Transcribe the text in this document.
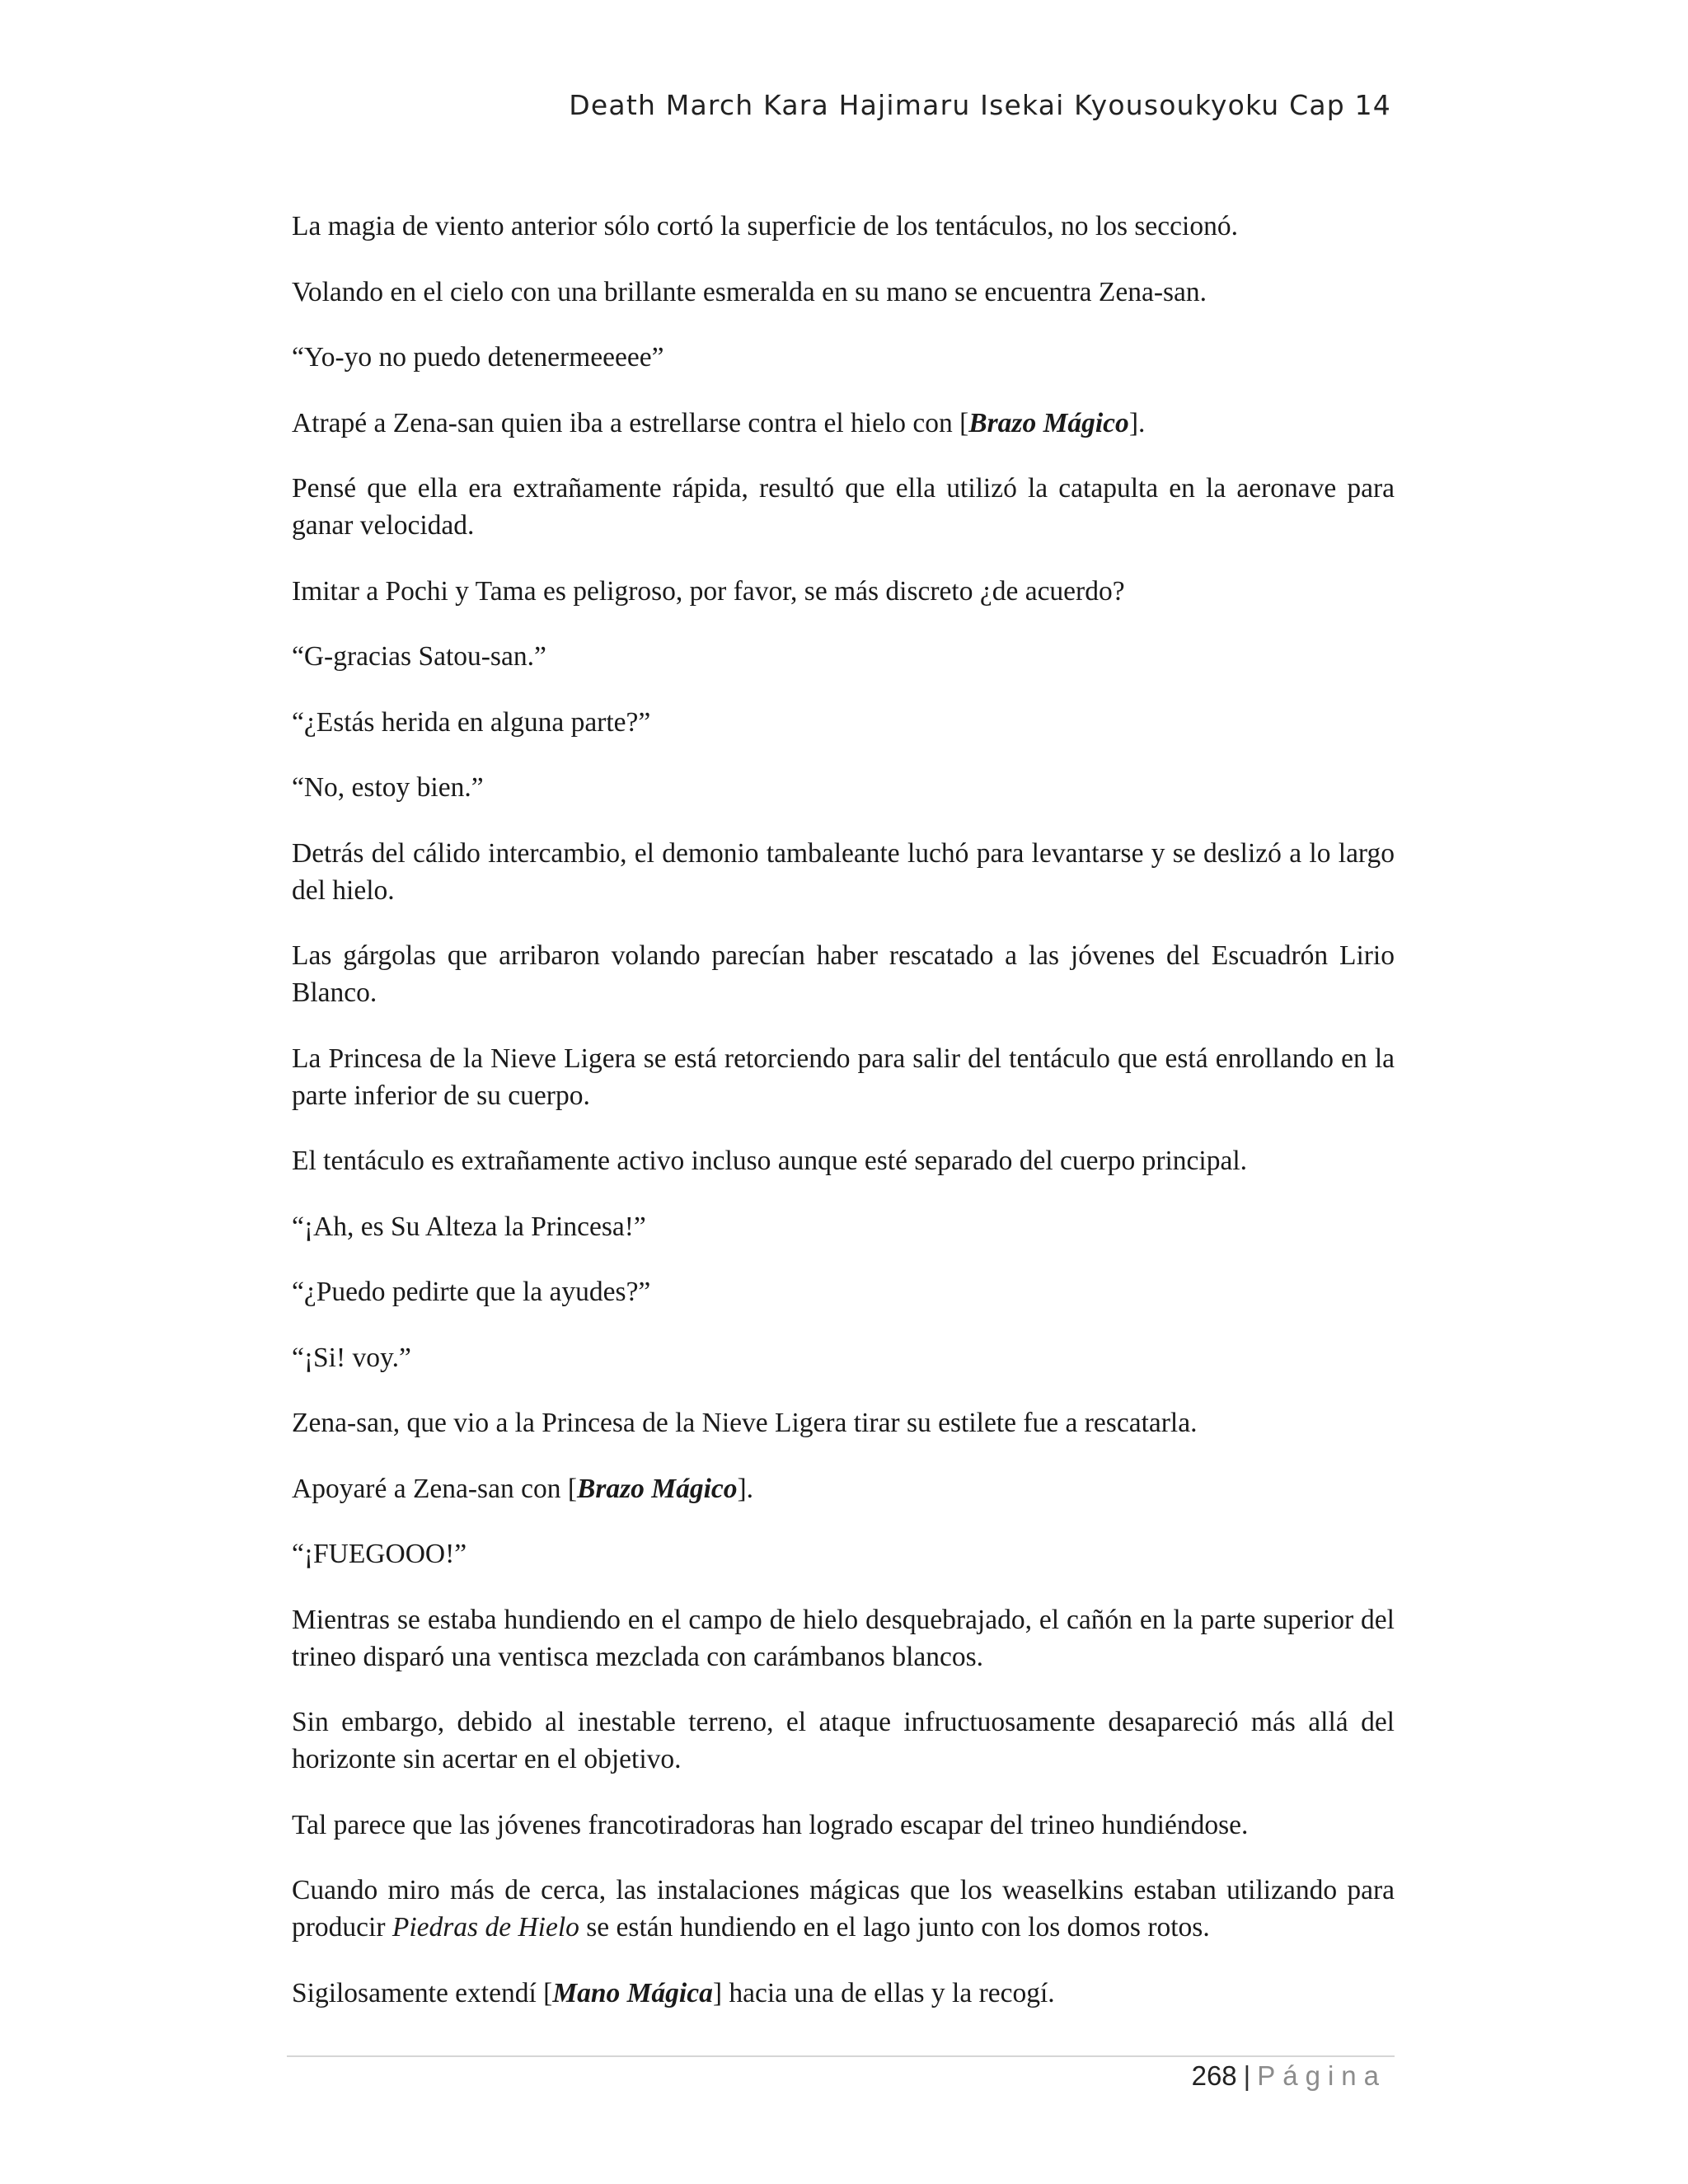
Death March Kara Hajimaru Isekai Kyousoukyoku Cap 14

La magia de viento anterior sólo cortó la superficie de los tentáculos, no los seccionó.

Volando en el cielo con una brillante esmeralda en su mano se encuentra Zena-san.

“Yo-yo no puedo detenermeeeee”

Atrapé a Zena-san quien iba a estrellarse contra el hielo con [Brazo Mágico].

Pensé que ella era extrañamente rápida, resultó que ella utilizó la catapulta en la aeronave para ganar velocidad.

Imitar a Pochi y Tama es peligroso, por favor, se más discreto ¿de acuerdo?

“G-gracias Satou-san.”

“¿Estás herida en alguna parte?”

“No, estoy bien.”

Detrás del cálido intercambio, el demonio tambaleante luchó para levantarse y se deslizó a lo largo del hielo.

Las gárgolas que arribaron volando parecían haber rescatado a las jóvenes del Escuadrón Lirio Blanco.

La Princesa de la Nieve Ligera se está retorciendo para salir del tentáculo que está enrollando en la parte inferior de su cuerpo.

El tentáculo es extrañamente activo incluso aunque esté separado del cuerpo principal.

“¡Ah, es Su Alteza la Princesa!”

“¿Puedo pedirte que la ayudes?”

“¡Si! voy.”

Zena-san, que vio a la Princesa de la Nieve Ligera tirar su estilete fue a rescatarla.

Apoyaré a Zena-san con [Brazo Mágico].

“¡FUEGOOO!”

Mientras se estaba hundiendo en el campo de hielo desquebrajado, el cañón en la parte superior del trineo disparó una ventisca mezclada con carámbanos blancos.

Sin embargo, debido al inestable terreno, el ataque infructuosamente desapareció más allá del horizonte sin acertar en el objetivo.

Tal parece que las jóvenes francotiradoras han logrado escapar del trineo hundiéndose.

Cuando miro más de cerca, las instalaciones mágicas que los weaselkins estaban utilizando para producir Piedras de Hielo se están hundiendo en el lago junto con los domos rotos.

Sigilosamente extendí [Mano Mágica] hacia una de ellas y la recogí.

268 | Página
